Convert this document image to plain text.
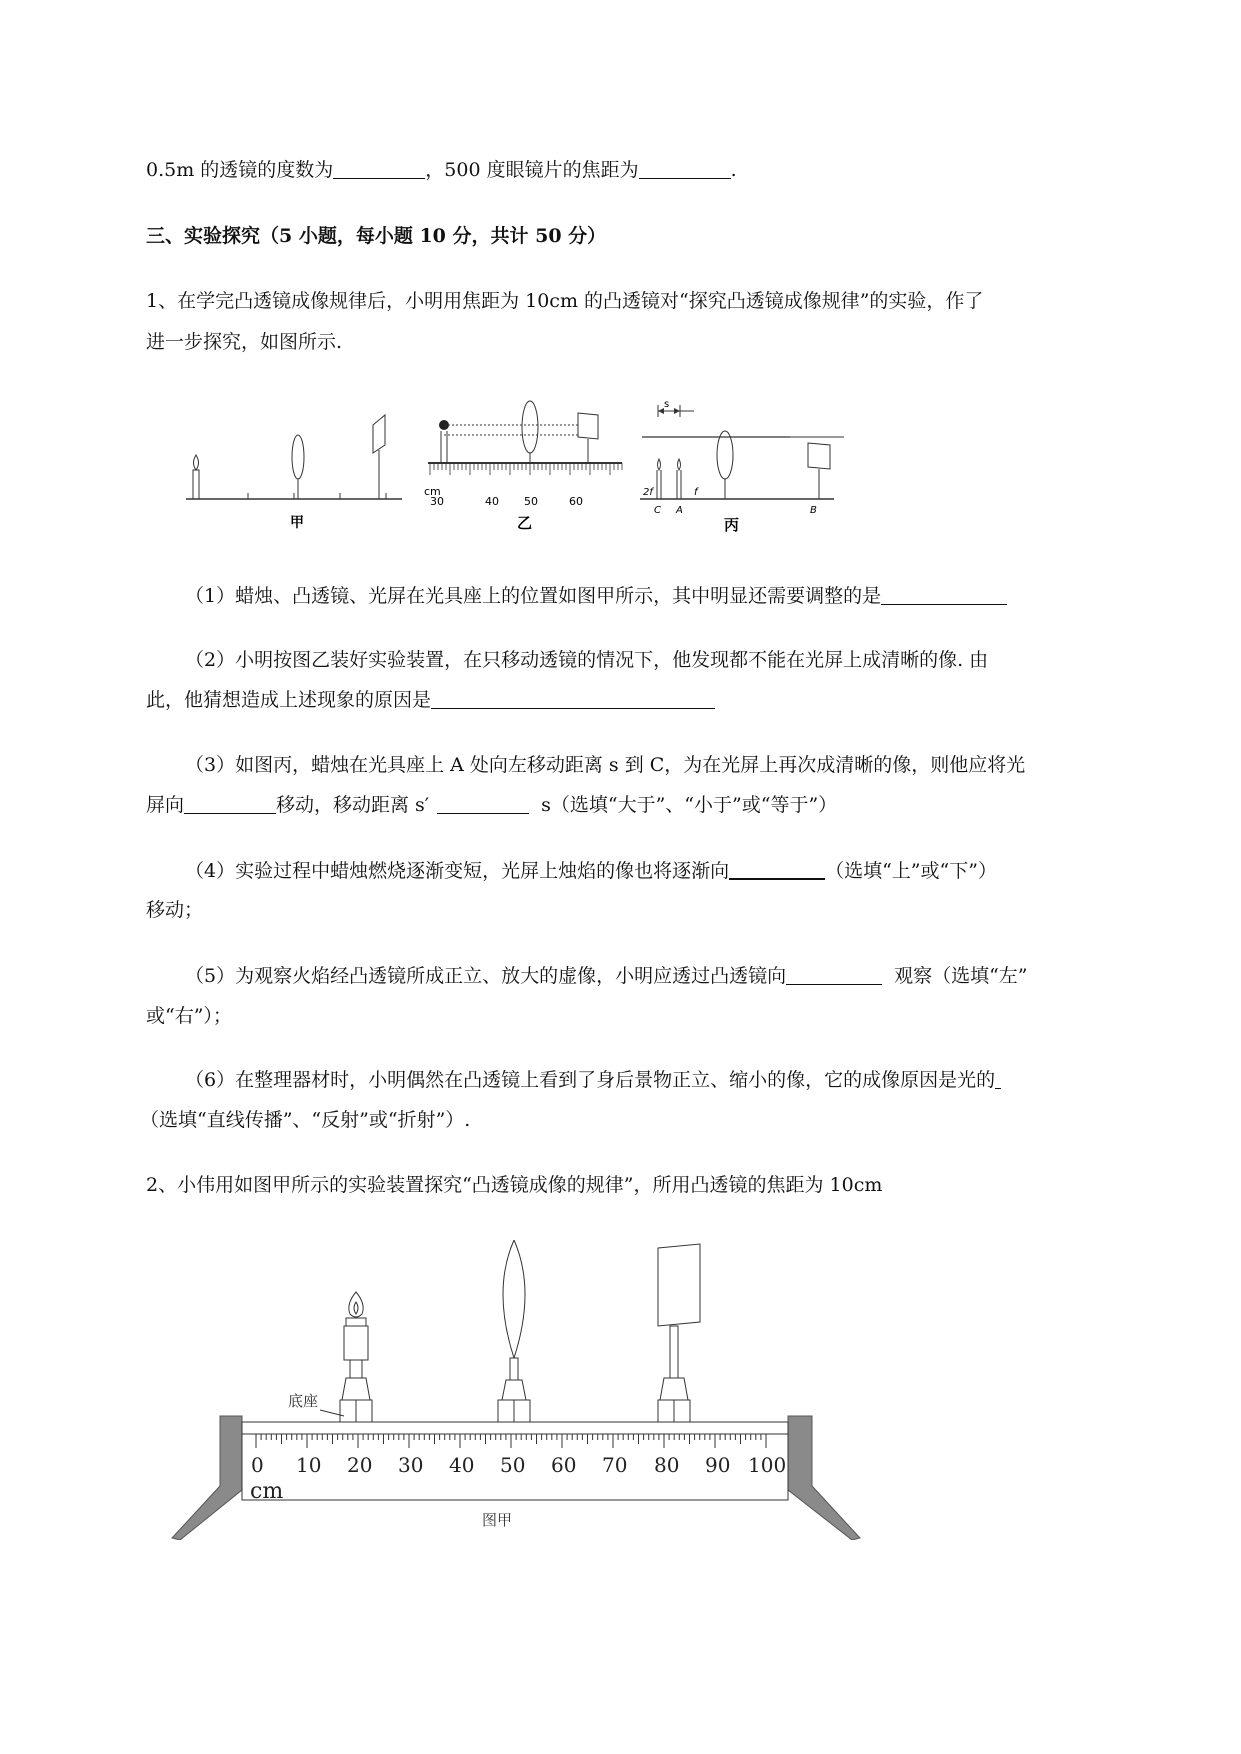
0.5m 的透镜的度数为	，500 度眼镜片的焦距为	.
三、实验探究（5 小题，每小题 10 分，共计 50 分）
1、在学完凸透镜成像规律后，小明用焦距为 10cm 的凸透镜对“探究凸透镜成像规律”的实验，作了
进一步探究，如图所示.
甲
cm
30	40 50	60
乙
s
2f	f
C A	B
丙
（1）蜡烛、凸透镜、光屏在光具座上的位置如图甲所示，其中明显还需要调整的是
（2）小明按图乙装好实验装置，在只移动透镜的情况下，他发现都不能在光屏上成清晰的像. 由
此，他猜想造成上述现象的原因是
（3）如图丙，蜡烛在光具座上 A 处向左移动距离 s 到 C，为在光屏上再次成清晰的像，则他应将光
屏向	移动，移动距离 s′	s（选填“大于”、“小于”或“等于”）
（4）实验过程中蜡烛燃烧逐渐变短，光屏上烛焰的像也将逐渐向	（选填“上”或“下”）
移动；
（5）为观察火焰经凸透镜所成正立、放大的虚像，小明应透过凸透镜向	观察（选填“左”
或“右”）；
（6）在整理器材时，小明偶然在凸透镜上看到了身后景物正立、缩小的像，它的成像原因是光的
（选填“直线传播”、“反射”或“折射”）.
2、小伟用如图甲所示的实验装置探究“凸透镜成像的规律”，所用凸透镜的焦距为 10cm
0 10 20 30 40 50 60 70 80 90 100
cm
底座
图甲
